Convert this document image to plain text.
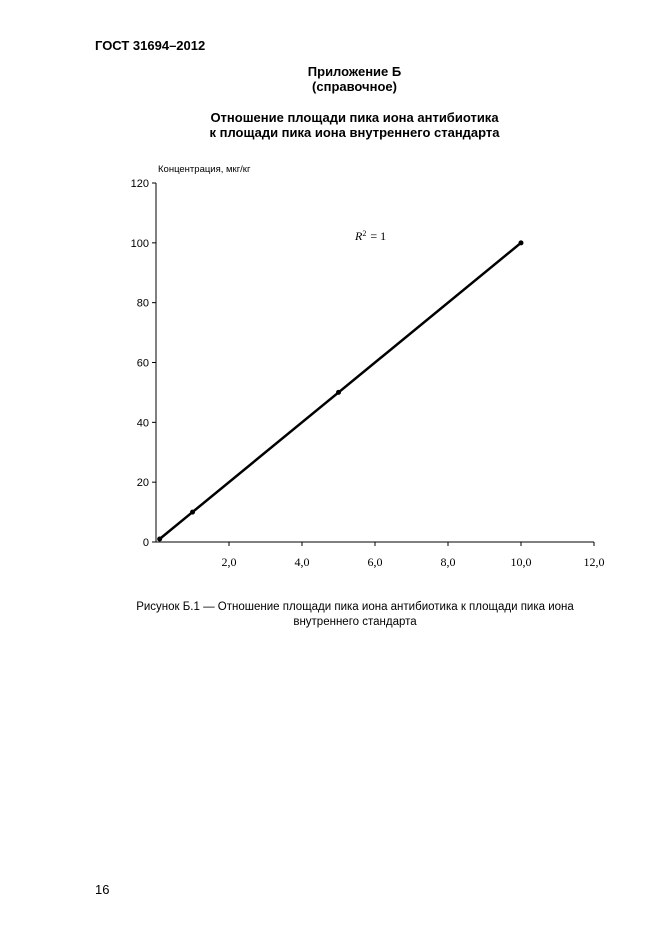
ГОСТ 31694–2012
Приложение Б
(справочное)
Отношение площади пика иона антибиотика
к площади пика иона внутреннего стандарта
Концентрация, мкг/кг
0
20
40
60
80
100
120
2,0	4,0	6,0	8,0	10,0	12,0
$R^2 = 1$
Рисунок Б.1 — Отношение площади пика иона антибиотика к площади пика иона внутреннего стандарта
16
